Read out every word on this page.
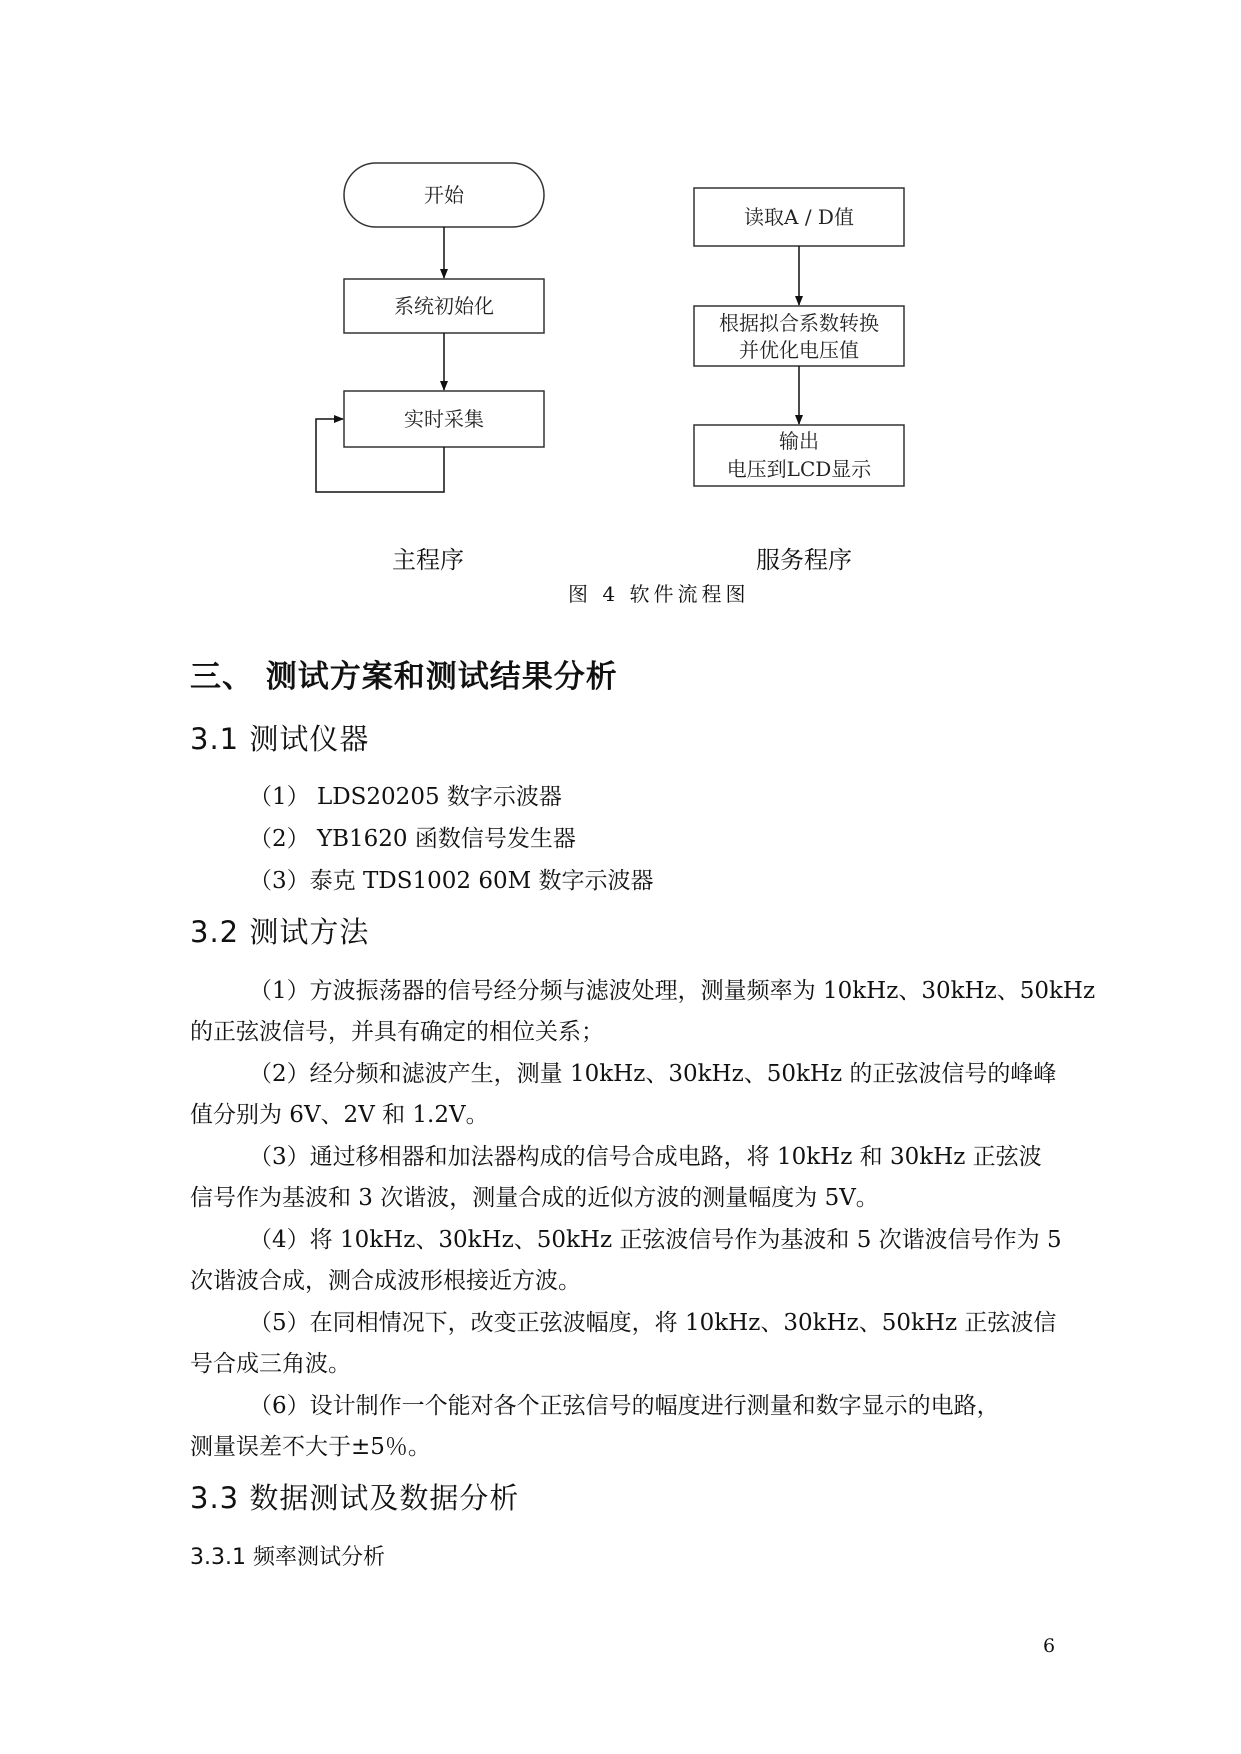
开始
系统初始化
实时采集
读取A / D值
根据拟合系数转换
并优化电压值
输出
电压到LCD显示
主程序	服务程序
图 4 软件流程图
三、 测试方案和测试结果分析
3.1 测试仪器
（1） LDS20205 数字示波器
（2） YB1620 函数信号发生器
（3）泰克 TDS1002 60M 数字示波器
3.2 测试方法
（1）方波振荡器的信号经分频与滤波处理，测量频率为 10kHz、30kHz、50kHz
的正弦波信号，并具有确定的相位关系；
（2）经分频和滤波产生，测量 10kHz、30kHz、50kHz 的正弦波信号的峰峰
值分别为 6V、2V 和 1.2V。
（3）通过移相器和加法器构成的信号合成电路，将 10kHz 和 30kHz 正弦波
信号作为基波和 3 次谐波，测量合成的近似方波的测量幅度为 5V。
（4）将 10kHz、30kHz、50kHz 正弦波信号作为基波和 5 次谐波信号作为 5
次谐波合成，测合成波形根接近方波。
（5）在同相情况下，改变正弦波幅度，将 10kHz、30kHz、50kHz 正弦波信
号合成三角波。
（6）设计制作一个能对各个正弦信号的幅度进行测量和数字显示的电路，
测量误差不大于±5％。
3.3 数据测试及数据分析
3.3.1 频率测试分析
6
